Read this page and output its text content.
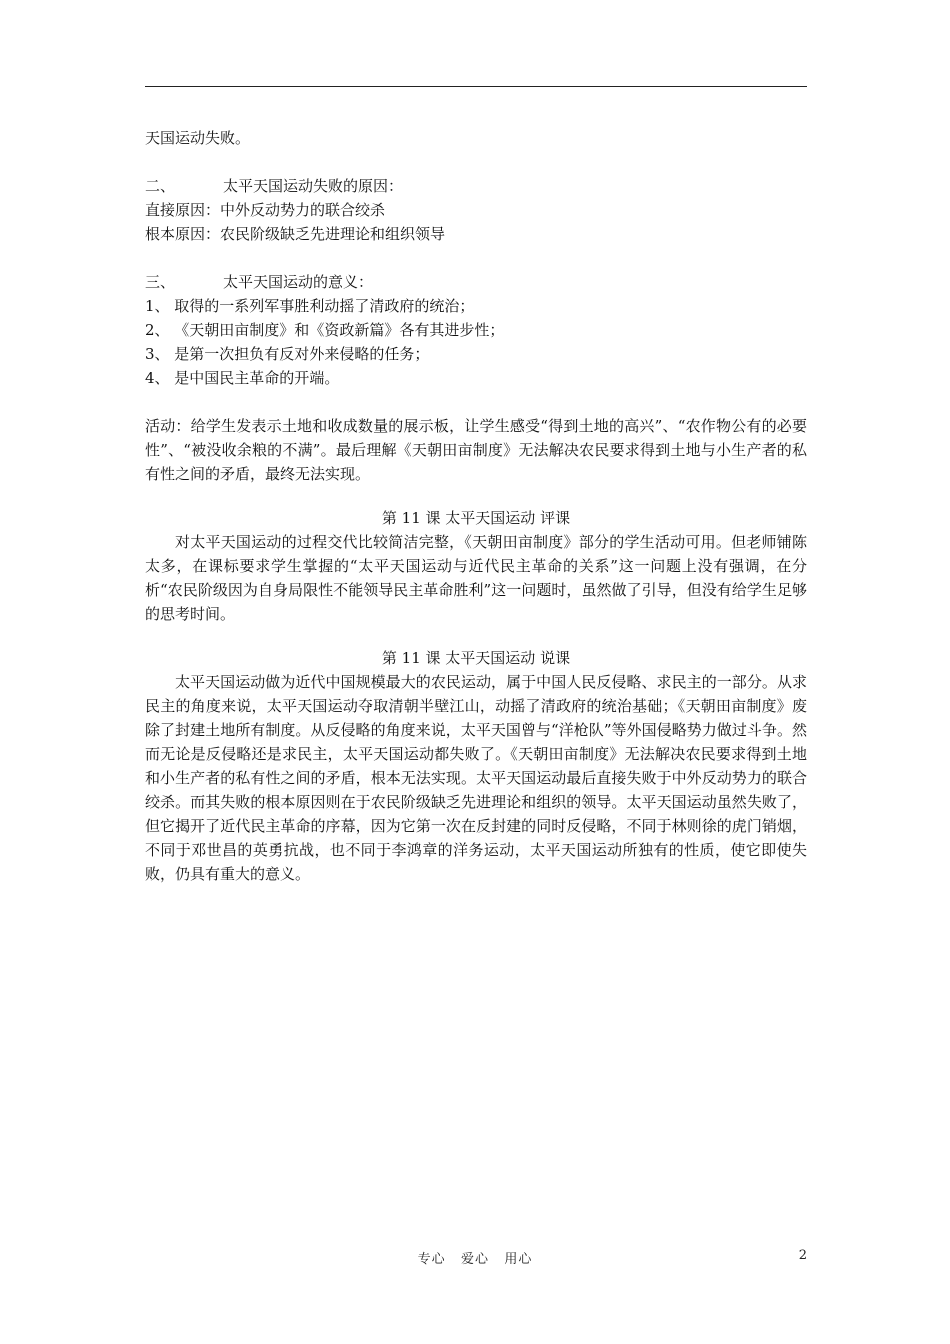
天国运动失败。
二、	太平天国运动失败的原因：
直接原因：中外反动势力的联合绞杀
根本原因：农民阶级缺乏先进理论和组织领导
三、	太平天国运动的意义：
1、 取得的一系列军事胜利动摇了清政府的统治；
2、 《天朝田亩制度》和《资政新篇》各有其进步性；
3、 是第一次担负有反对外来侵略的任务；
4、 是中国民主革命的开端。
活动：给学生发表示土地和收成数量的展示板，让学生感受“得到土地的高兴”、“农作物公有的必要性”、“被没收余粮的不满”。最后理解《天朝田亩制度》无法解决农民要求得到土地与小生产者的私有性之间的矛盾，最终无法实现。
第 11 课 太平天国运动 评课
对太平天国运动的过程交代比较简洁完整，《天朝田亩制度》部分的学生活动可用。但老师铺陈太多，在课标要求学生掌握的“太平天国运动与近代民主革命的关系”这一问题上没有强调，在分析“农民阶级因为自身局限性不能领导民主革命胜利”这一问题时，虽然做了引导，但没有给学生足够的思考时间。
第 11 课 太平天国运动 说课
太平天国运动做为近代中国规模最大的农民运动，属于中国人民反侵略、求民主的一部分。从求民主的角度来说，太平天国运动夺取清朝半壁江山，动摇了清政府的统治基础；《天朝田亩制度》废除了封建土地所有制度。从反侵略的角度来说，太平天国曾与“洋枪队”等外国侵略势力做过斗争。然而无论是反侵略还是求民主，太平天国运动都失败了。《天朝田亩制度》无法解决农民要求得到土地和小生产者的私有性之间的矛盾，根本无法实现。太平天国运动最后直接失败于中外反动势力的联合绞杀。而其失败的根本原因则在于农民阶级缺乏先进理论和组织的领导。太平天国运动虽然失败了，但它揭开了近代民主革命的序幕，因为它第一次在反封建的同时反侵略，不同于林则徐的虎门销烟，不同于邓世昌的英勇抗战，也不同于李鸿章的洋务运动，太平天国运动所独有的性质，使它即使失败，仍具有重大的意义。
专心   爱心   用心	2
